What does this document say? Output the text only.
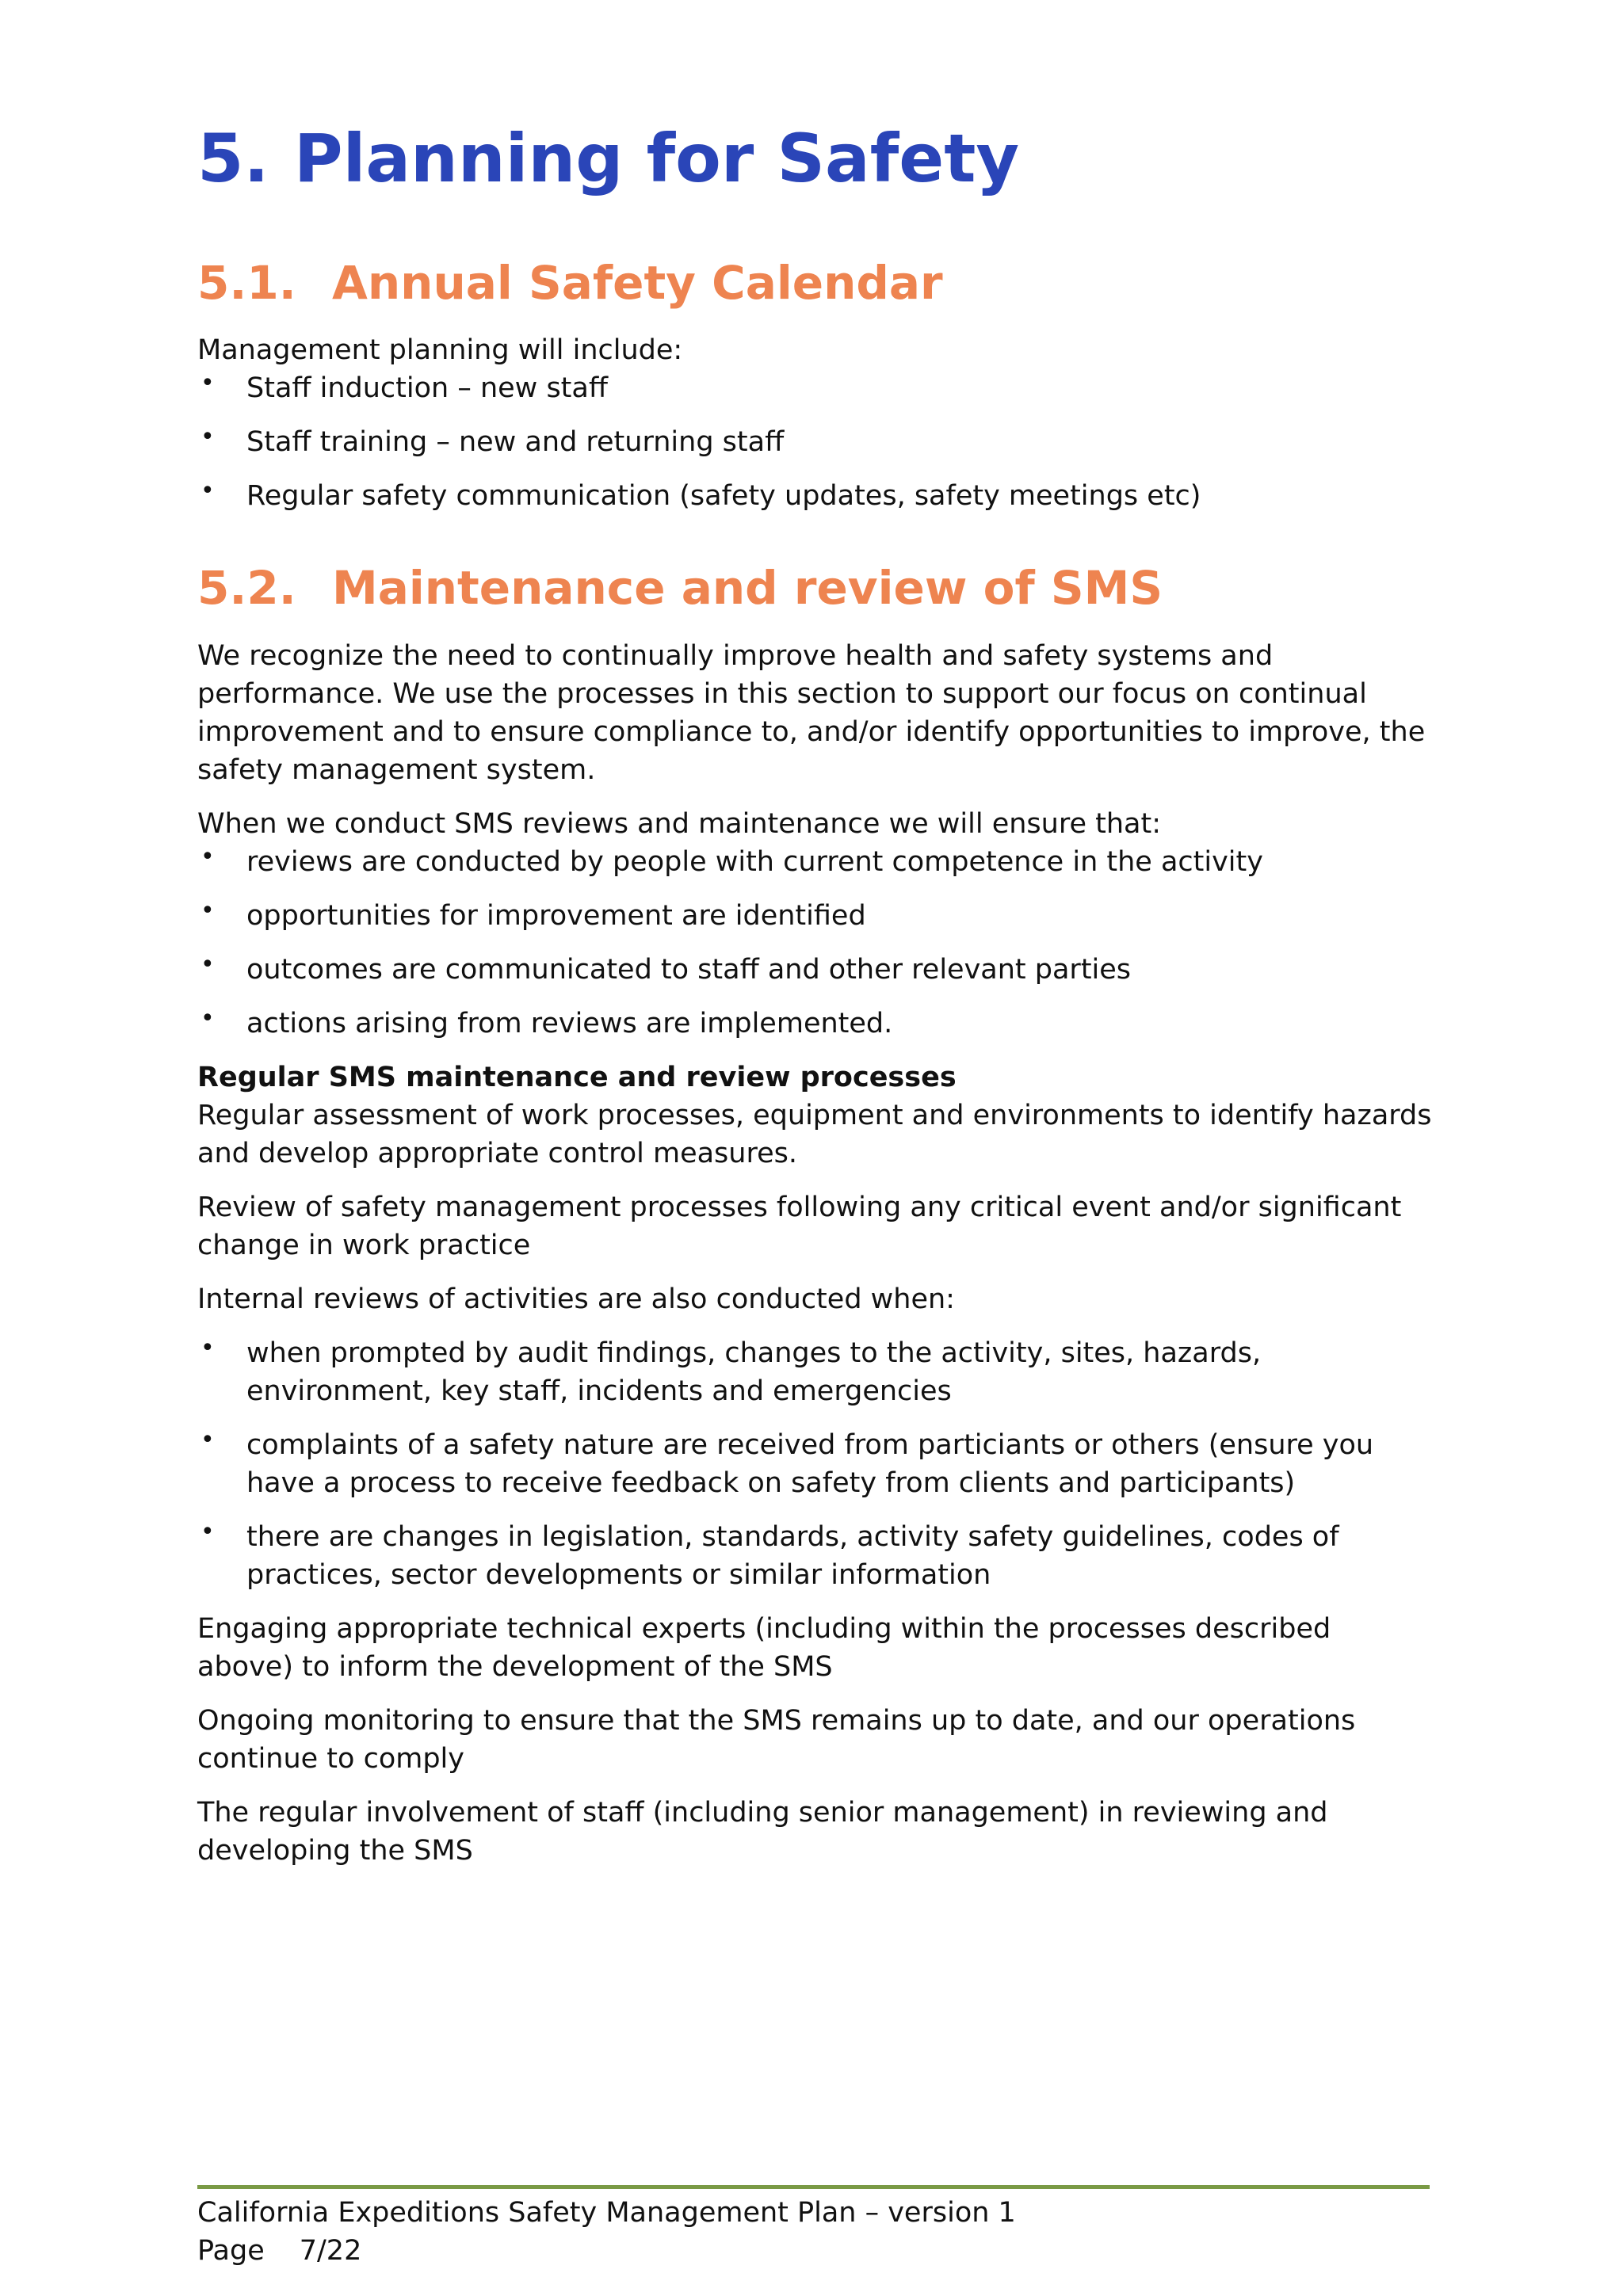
5. Planning for Safety
5.1. Annual Safety Calendar

Management planning will include:

• Staff induction – new staff
• Staff training – new and returning staff
• Regular safety communication (safety updates, safety meetings etc)
5.2. Maintenance and review of SMS

We recognize the need to continually improve health and safety systems and performance. We use the processes in this section to support our focus on continual improvement and to ensure compliance to, and/or identify opportunities to improve, the safety management system.

When we conduct SMS reviews and maintenance we will ensure that:

• reviews are conducted by people with current competence in the activity
• opportunities for improvement are identified
• outcomes are communicated to staff and other relevant parties
• actions arising from reviews are implemented.

Regular SMS maintenance and review processes

Regular assessment of work processes, equipment and environments to identify hazards and develop appropriate control measures.

Review of safety management processes following any critical event and/or significant change in work practice

Internal reviews of activities are also conducted when:

• when prompted by audit findings, changes to the activity, sites, hazards, environment, key staff, incidents and emergencies
• complaints of a safety nature are received from particiants or others (ensure you have a process to receive feedback on safety from clients and participants)
• there are changes in legislation, standards, activity safety guidelines, codes of practices, sector developments or similar information

Engaging appropriate technical experts (including within the processes described above) to inform the development of the SMS

Ongoing monitoring to ensure that the SMS remains up to date, and our operations continue to comply

The regular involvement of staff (including senior management) in reviewing and developing the SMS

California Expeditions Safety Management Plan – version 1
Page 7/22
